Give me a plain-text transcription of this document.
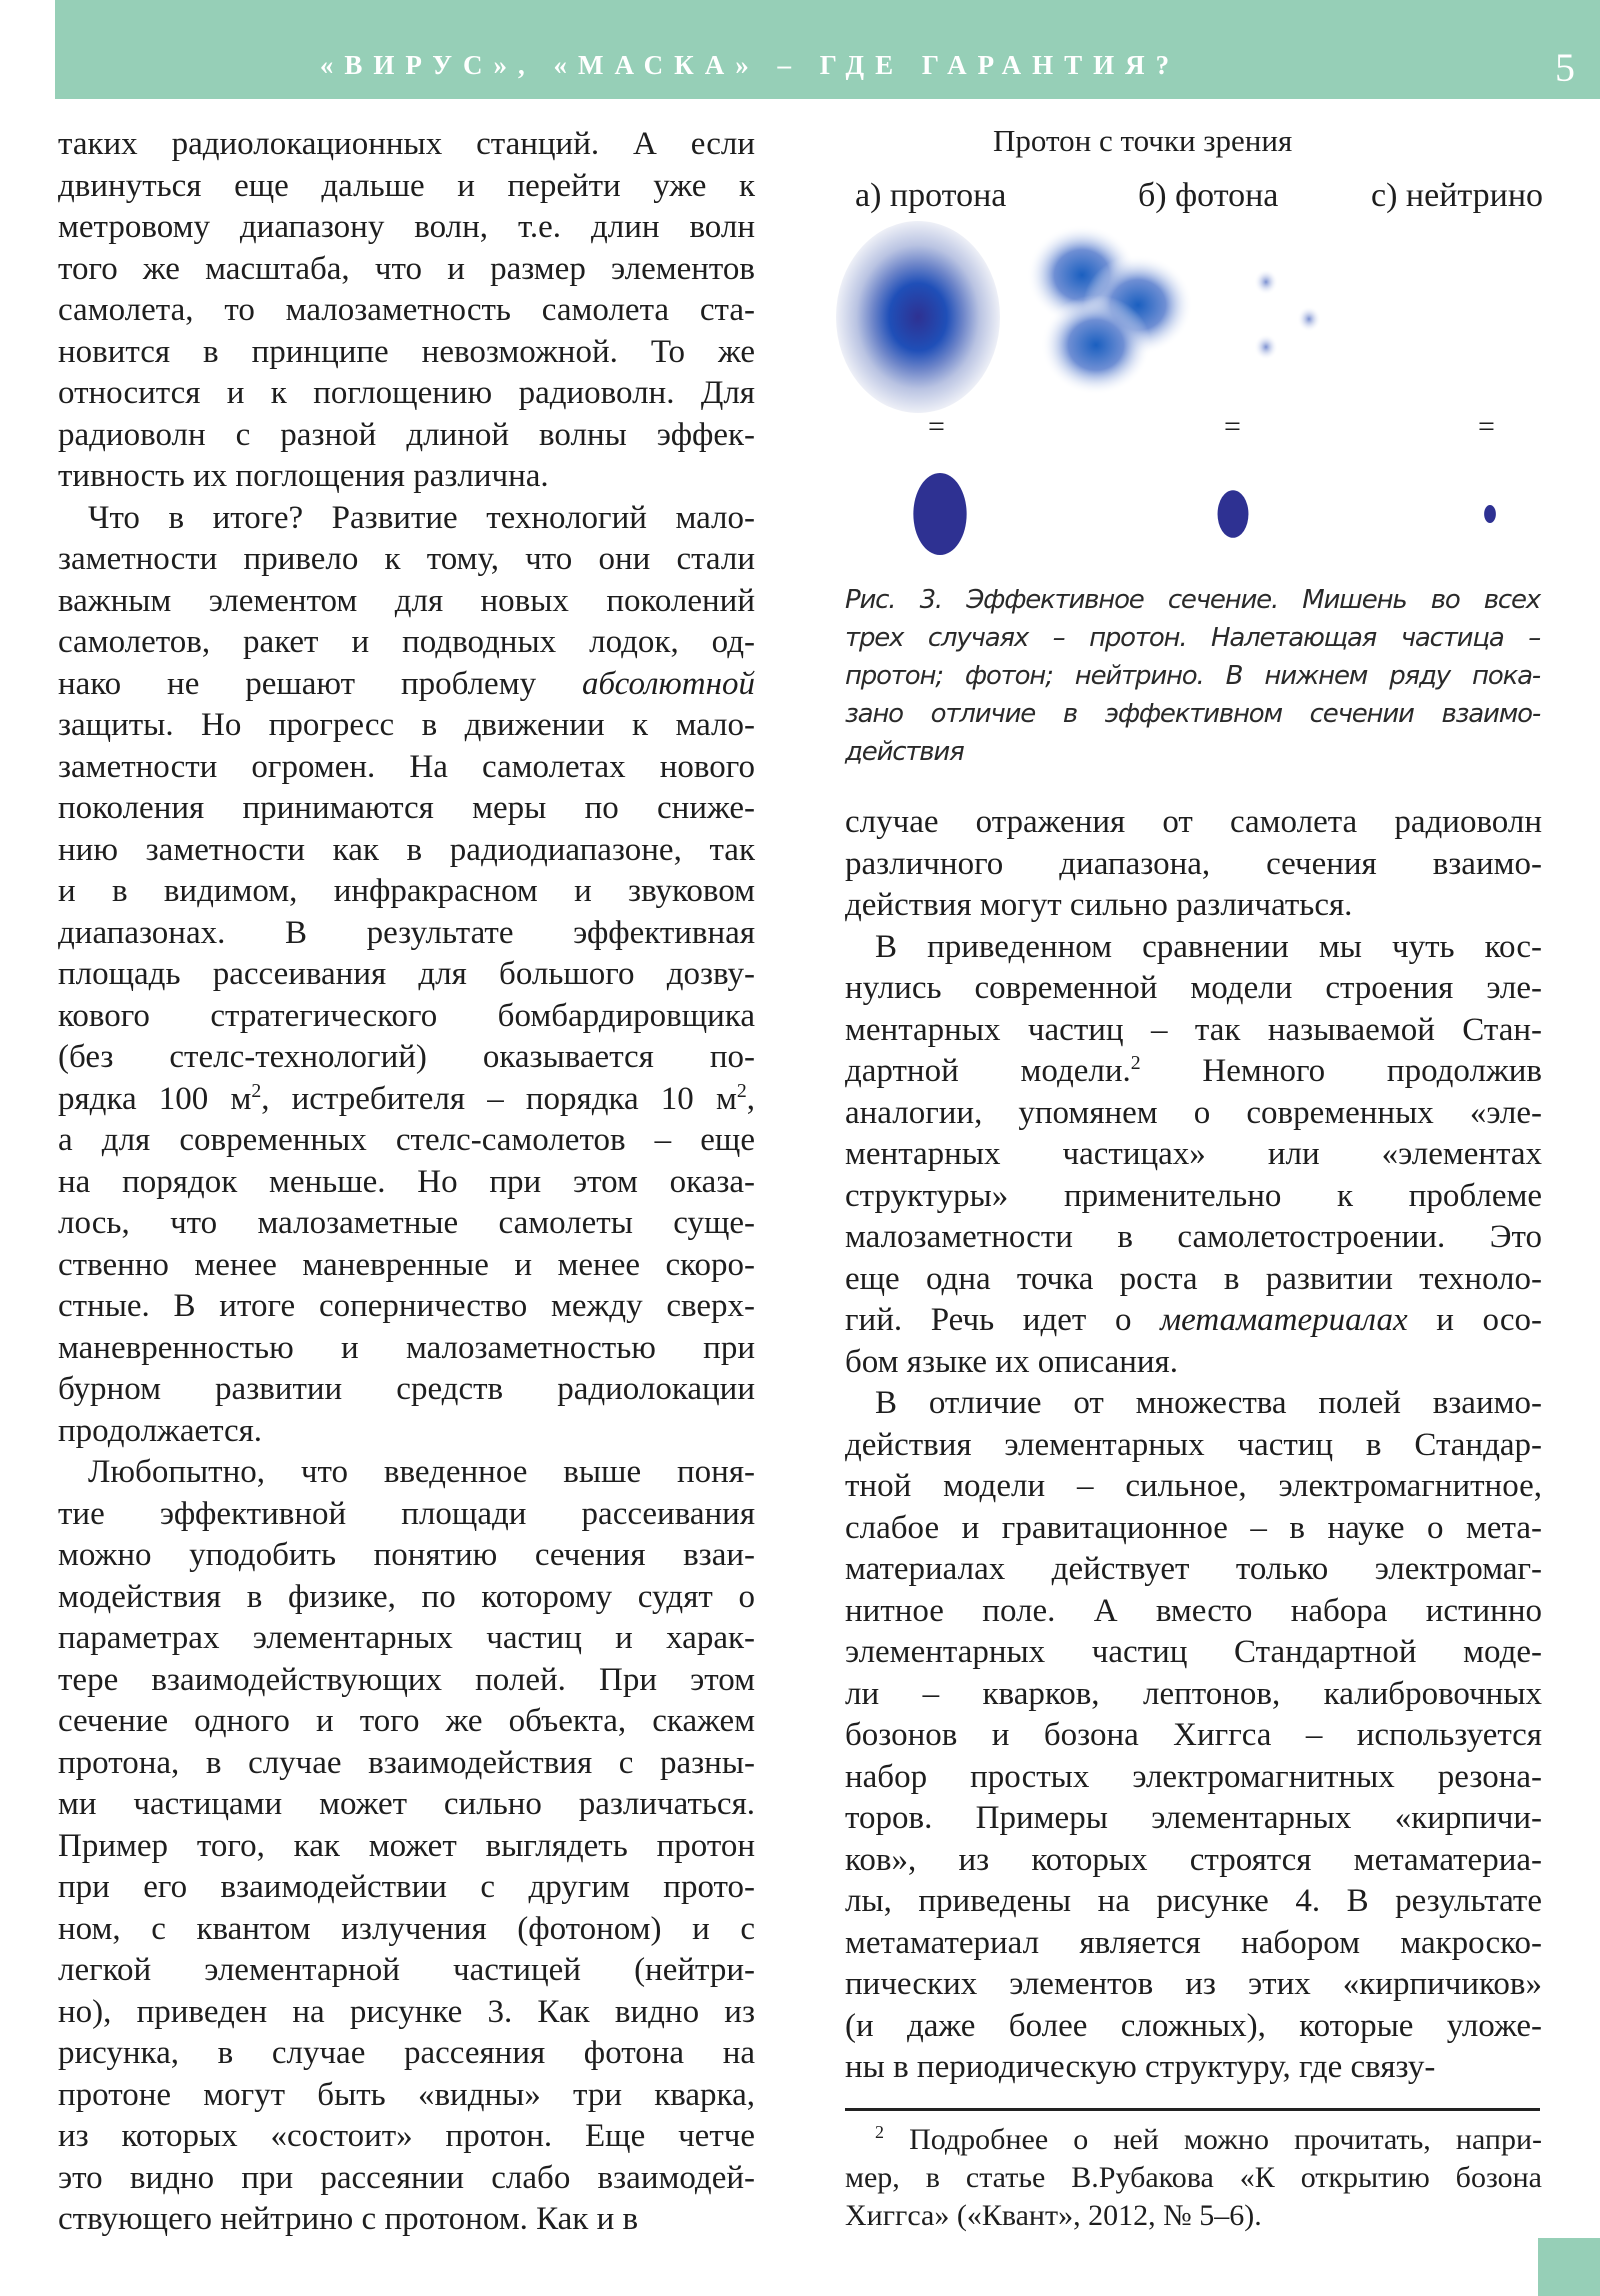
«ВИРУС», «МАСКА» – ГДЕ ГАРАНТИЯ?	5
таких радиолокационных станций. А если
двинуться еще дальше и перейти уже к
метровому диапазону волн, т.е. длин волн
того же масштаба, что и размер элементов
самолета, то малозаметность самолета ста-
новится в принципе невозможной. То же
относится и к поглощению радиоволн. Для
радиоволн с разной длиной волны эффек-
тивность их поглощения различна.
Что в итоге? Развитие технологий мало-
заметности привело к тому, что они стали
важным элементом для новых поколений
самолетов, ракет и подводных лодок, од-
нако не решают проблему абсолютной
защиты. Но прогресс в движении к мало-
заметности огромен. На самолетах нового
поколения принимаются меры по сниже-
нию заметности как в радиодиапазоне, так
и в видимом, инфракрасном и звуковом
диапазонах. В результате эффективная
площадь рассеивания для большого дозву-
кового стратегического бомбардировщика
(без стелс-технологий) оказывается по-
рядка 100 $м^2$, истребителя – порядка 10 $м^2$,
а для современных стелс-самолетов – еще
на порядок меньше. Но при этом оказа-
лось, что малозаметные самолеты суще-
ственно менее маневренные и менее скоро-
стные. В итоге соперничество между сверх-
маневренностью и малозаметностью при
бурном развитии средств радиолокации
продолжается.
Любопытно, что введенное выше поня-
тие эффективной площади рассеивания
можно уподобить понятию сечения взаи-
модействия в физике, по которому судят о
параметрах элементарных частиц и харак-
тере взаимодействующих полей. При этом
сечение одного и того же объекта, скажем
протона, в случае взаимодействия с разны-
ми частицами может сильно различаться.
Пример того, как может выглядеть протон
при его взаимодействии с другим прото-
ном, с квантом излучения (фотоном) и с
легкой элементарной частицей (нейтри-
но), приведен на рисунке 3. Как видно из
рисунка, в случае рассеяния фотона на
протоне могут быть «видны» три кварка,
из которых «состоит» протон. Еще четче
это видно при рассеянии слабо взаимодей-
ствующего нейтрино с протоном. Как и в
Протон с точки зрения
а) протона	б) фотона	с) нейтрино
=	=	=
Рис. 3. Эффективное сечение. Мишень во всех
трех случаях – протон. Налетающая частица –
протон; фотон; нейтрино. В нижнем ряду пока-
зано отличие в эффективном сечении взаимо-
действия
случае отражения от самолета радиоволн
различного диапазона, сечения взаимо-
действия могут сильно различаться.
В приведенном сравнении мы чуть кос-
нулись современной модели строения эле-
ментарных частиц – так называемой Стан-
дартной модели.$^2$ Немного продолжив
аналогии, упомянем о современных «эле-
ментарных частицах» или «элементах
структуры» применительно к проблеме
малозаметности в самолетостроении. Это
еще одна точка роста в развитии техноло-
гий. Речь идет о метаматериалах и осо-
бом языке их описания.
В отличие от множества полей взаимо-
действия элементарных частиц в Стандар-
тной модели – сильное, электромагнитное,
слабое и гравитационное – в науке о мета-
материалах действует только электромаг-
нитное поле. А вместо набора истинно
элементарных частиц Стандартной моде-
ли – кварков, лептонов, калибровочных
бозонов и бозона Хиггса – используется
набор простых электромагнитных резона-
торов. Примеры элементарных «кирпичи-
ков», из которых строятся метаматериа-
лы, приведены на рисунке 4. В результате
метаматериал является набором макроско-
пических элементов из этих «кирпичиков»
(и даже более сложных), которые уложе-
ны в периодическую структуру, где связу-
$^2$ Подробнее о ней можно прочитать, напри-
мер, в статье В.Рубакова «К открытию бозона
Хиггса» («Квант», 2012, № 5–6).
